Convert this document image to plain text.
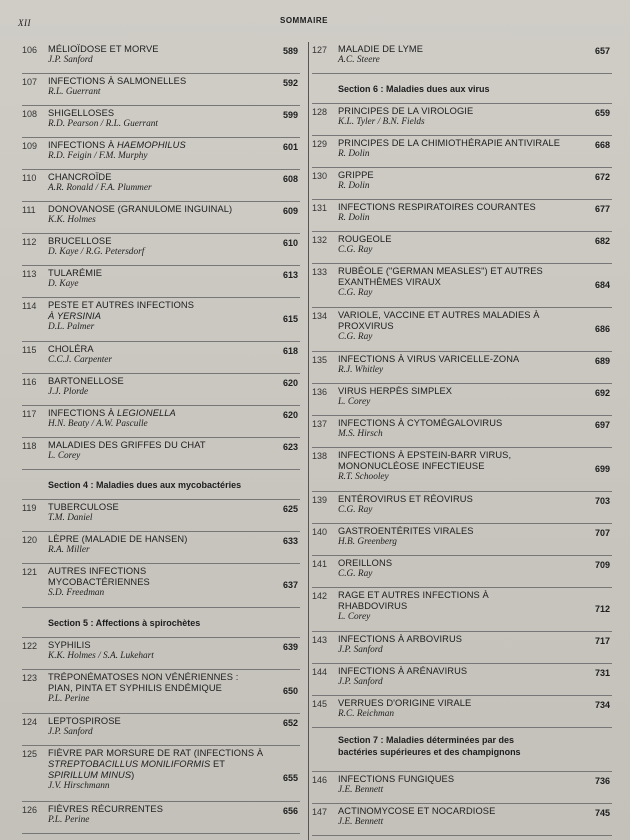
XII	SOMMAIRE
106	MÉLIOÏDOSE ET MORVE
J.P. Sanford
589
107	INFECTIONS À SALMONELLES
R.L. Guerrant
592
108	SHIGELLOSES
R.D. Pearson / R.L. Guerrant
599
109	INFECTIONS À HAEMOPHILUS
R.D. Feigin / F.M. Murphy
601
110	CHANCROÏDE
A.R. Ronald / F.A. Plummer
608
111	DONOVANOSE (GRANULOME INGUINAL)
K.K. Holmes
609
112	BRUCELLOSE
D. Kaye / R.G. Petersdorf
610
113	TULARÉMIE
D. Kaye
613
114	PESTE ET AUTRES INFECTIONS
À YERSINIA
D.L. Palmer
615
115	CHOLÉRA
C.C.J. Carpenter
618
116	BARTONELLOSE
J.J. Plorde
620
117	INFECTIONS À LEGIONELLA
H.N. Beaty / A.W. Pasculle
620
118	MALADIES DES GRIFFES DU CHAT
L. Corey
623
Section 4 : Maladies dues aux mycobactéries
119	TUBERCULOSE
T.M. Daniel
625
120	LÈPRE (MALADIE DE HANSEN)
R.A. Miller
633
121	AUTRES INFECTIONS
MYCOBACTÉRIENNES
S.D. Freedman
637
Section 5 : Affections à spirochètes
122	SYPHILIS
K.K. Holmes / S.A. Lukehart
639
123	TRÉPONÉMATOSES NON VÉNÉRIENNES :
PIAN, PINTA ET SYPHILIS ENDÉMIQUE
P.L. Perine
650
124	LEPTOSPIROSE
J.P. Sanford
652
125	FIÈVRE PAR MORSURE DE RAT (INFECTIONS À
STREPTOBACILLUS MONILIFORMIS ET
SPIRILLUM MINUS)
J.V. Hirschmann
655
126	FIÈVRES RÉCURRENTES
P.L. Perine
656
127	MALADIE DE LYME
A.C. Steere
657
Section 6 : Maladies dues aux virus
128	PRINCIPES DE LA VIROLOGIE
K.L. Tyler / B.N. Fields
659
129	PRINCIPES DE LA CHIMIOTHÉRAPIE ANTIVIRALE
R. Dolin
668
130	GRIPPE
R. Dolin
672
131	INFECTIONS RESPIRATOIRES COURANTES
R. Dolin
677
132	ROUGEOLE
C.G. Ray
682
133	RUBÉOLE ("GERMAN MEASLES") ET AUTRES
EXANTHÈMES VIRAUX
C.G. Ray
684
134	VARIOLE, VACCINE ET AUTRES MALADIES À
PROXVIRUS
C.G. Ray
686
135	INFECTIONS À VIRUS VARICELLE-ZONA
R.J. Whitley
689
136	VIRUS HERPÈS SIMPLEX
L. Corey
692
137	INFECTIONS À CYTOMÉGALOVIRUS
M.S. Hirsch
697
138	INFECTIONS À EPSTEIN-BARR VIRUS,
MONONUCLÉOSE INFECTIEUSE
R.T. Schooley
699
139	ENTÉROVIRUS ET RÉOVIRUS
C.G. Ray
703
140	GASTROENTÉRITES VIRALES
H.B. Greenberg
707
141	OREILLONS
C.G. Ray
709
142	RAGE ET AUTRES INFECTIONS À
RHABDOVIRUS
L. Corey
712
143	INFECTIONS À ARBOVIRUS
J.P. Sanford
717
144	INFECTIONS À ARÉNAVIRUS
J.P. Sanford
731
145	VERRUES D'ORIGINE VIRALE
R.C. Reichman
734
Section 7 : Maladies déterminées par des
bactéries supérieures et des champignons
146	INFECTIONS FUNGIQUES
J.E. Bennett
736
147	ACTINOMYCOSE ET NOCARDIOSE
J.E. Bennett
745
